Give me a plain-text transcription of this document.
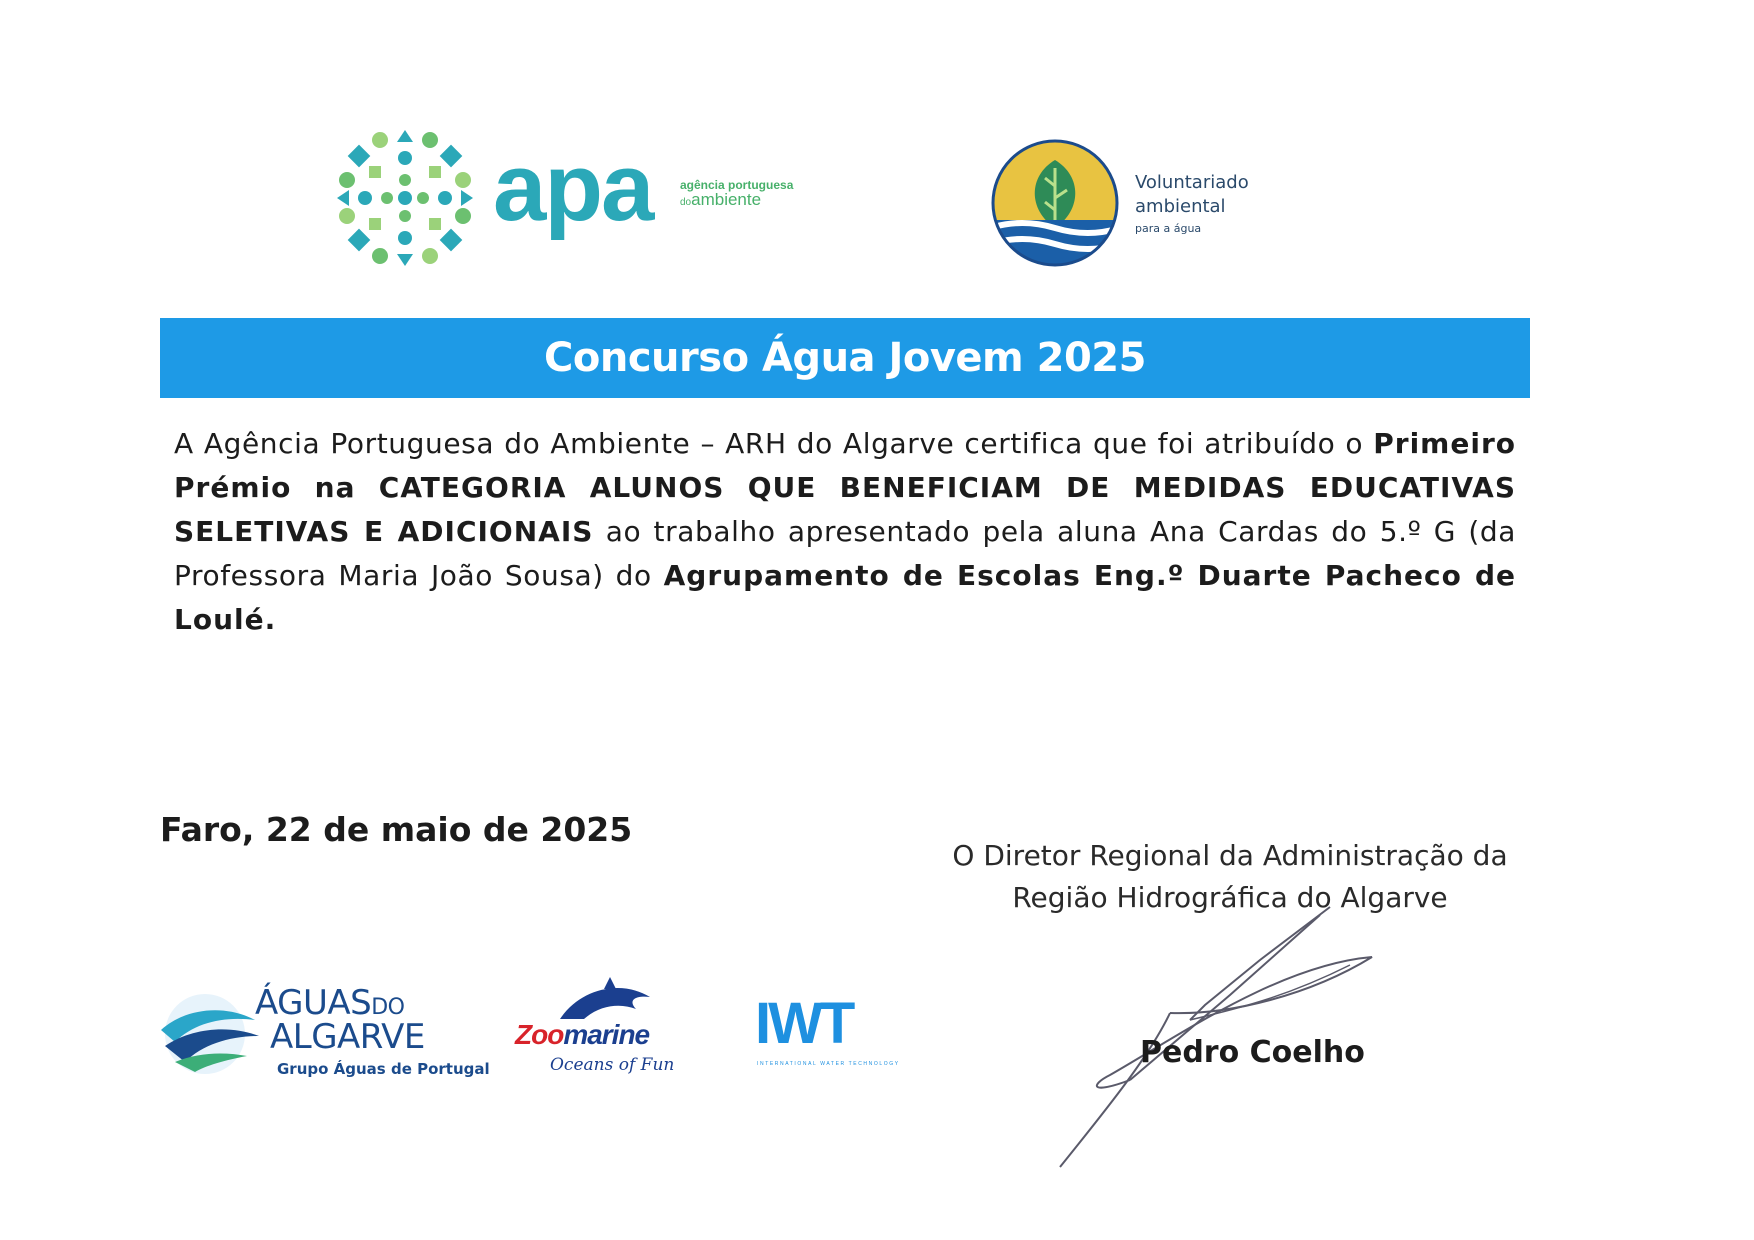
apa agência portuguesa
doambiente
Voluntariado
ambiental
para a água
Concurso Água Jovem 2025
A Agência Portuguesa do Ambiente – ARH do Algarve certifica que foi atribuído o Primeiro Prémio na CATEGORIA ALUNOS QUE BENEFICIAM DE MEDIDAS EDUCATIVAS SELETIVAS E ADICIONAIS ao trabalho apresentado pela aluna Ana Cardas do 5.º G (da Professora Maria João Sousa) do Agrupamento de Escolas Eng.º Duarte Pacheco de Loulé.
Faro, 22 de maio de 2025
O Diretor Regional da Administração da
Região Hidrográfica do Algarve
Pedro Coelho
ÁGUASDO
ALGARVE
Grupo Águas de Portugal
Zoomarine
Oceans of Fun
IWT
INTERNATIONAL WATER TECHNOLOGY
